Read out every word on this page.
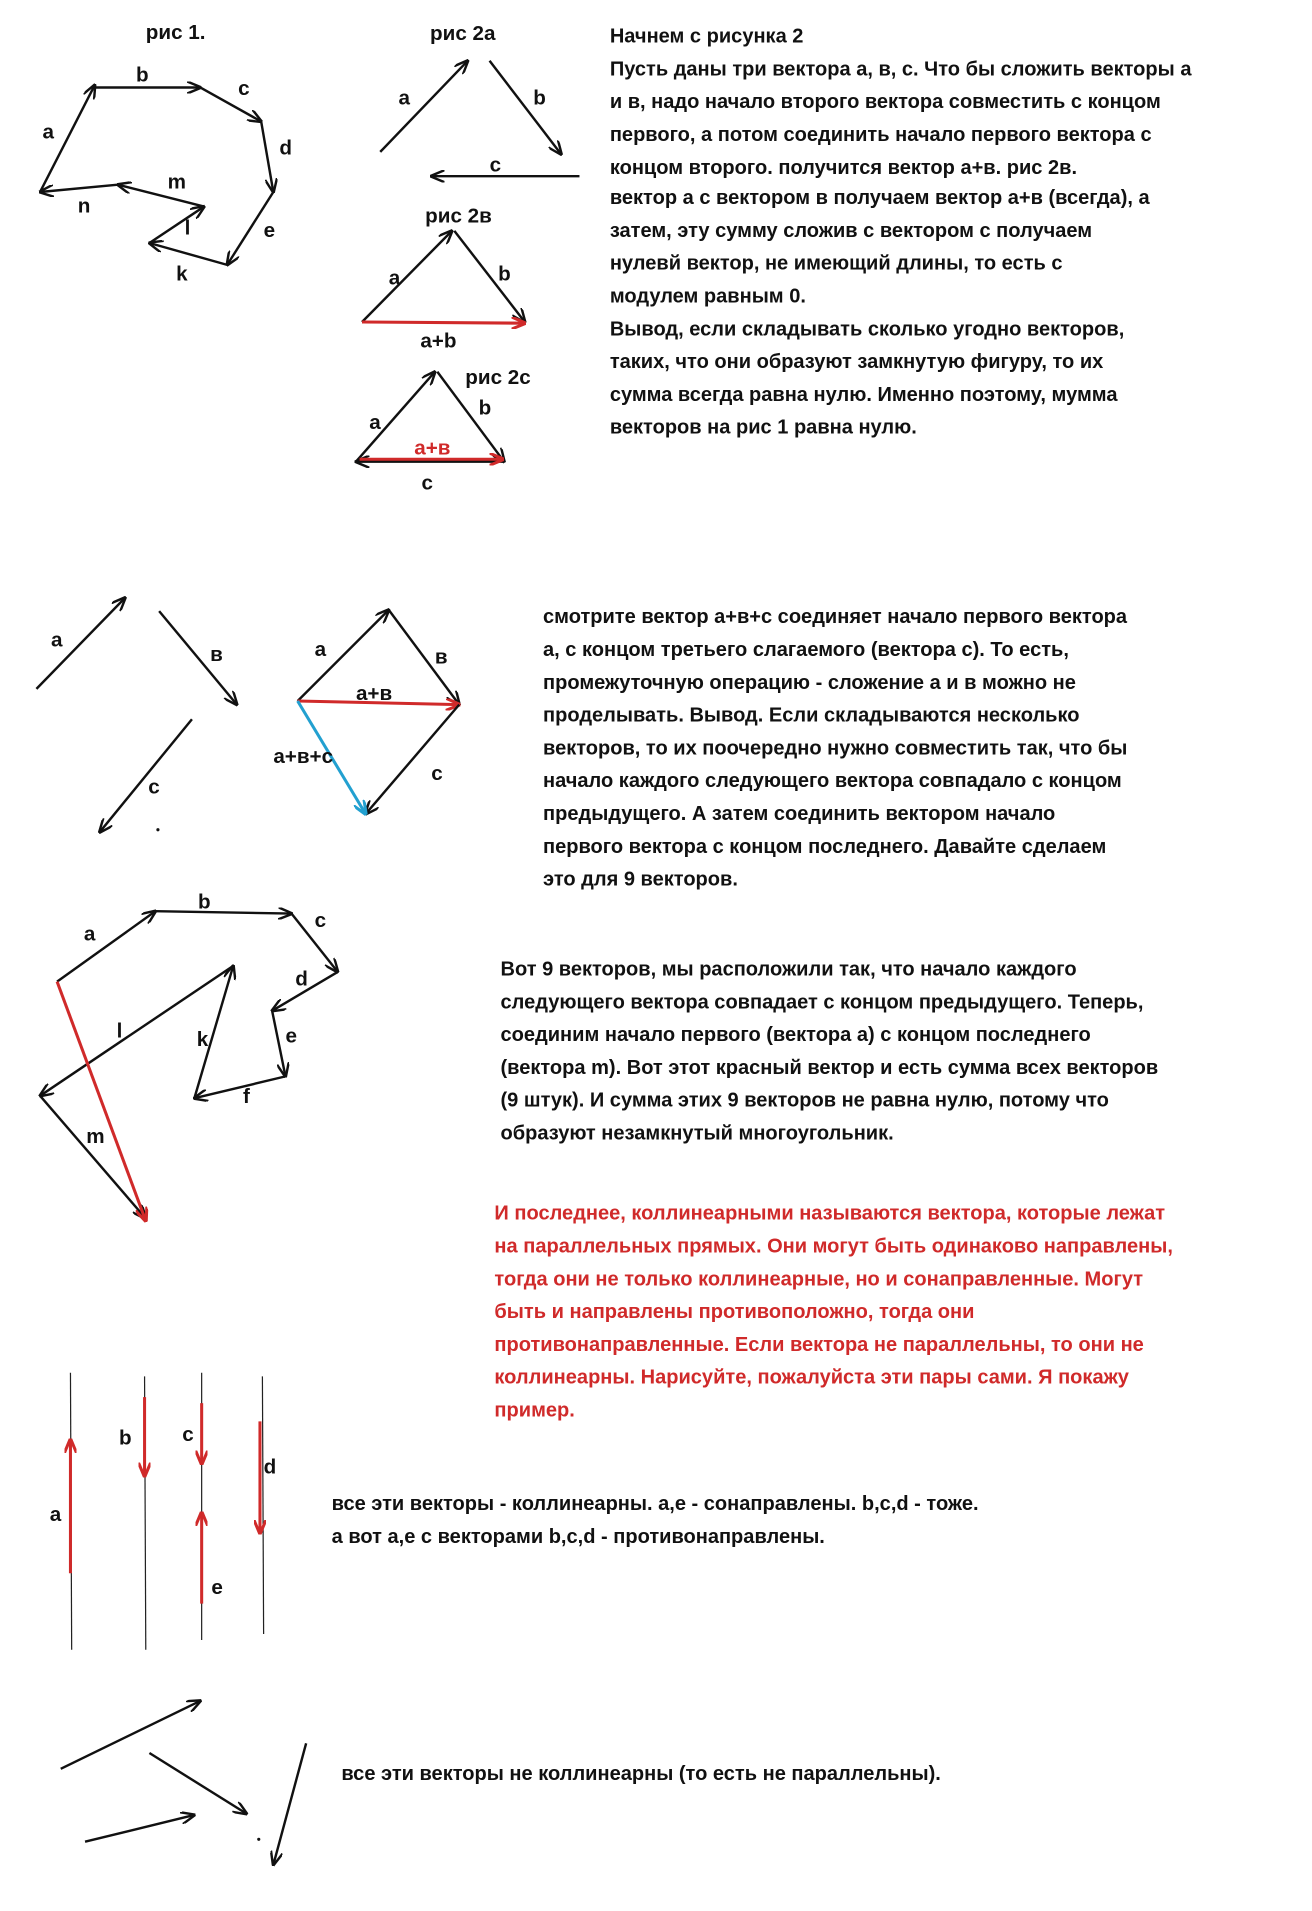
рис 1.
a
b
c
d
e
k
l
m
n
рис 2а
a	b
c
рис 2в
a	b
a+b
рис 2c
a
b
а+в
c
Начнем с рисунка 2
Пусть даны три вектора а, в, с. Что бы сложить векторы а
и в, надо начало второго вектора совместить с концом
первого, а потом соединить начало первого вектора с
концом второго. получится вектор а+в. рис 2в.
вектор а с вектором в получаем вектор а+в (всегда), а
затем, эту сумму сложив с вектором с получаем
нулевй вектор, не имеющий длины, то есть с
модулем равным 0.
Вывод, если складывать сколько угодно векторов,
таких, что они образуют замкнутую фигуру, то их
сумма всегда равна нулю. Именно поэтому, мумма
векторов на рис 1 равна нулю.
a
в
c
a	в
a+в
a+в+c
c
смотрите вектор а+в+с соединяет начало первого вектора
а, с концом третьего слагаемого (вектора с). То есть,
промежуточную операцию - сложение а и в можно не
проделывать. Вывод. Если складываются несколько
векторов, то их поочередно нужно совместить так, что бы
начало каждого следующего вектора совпадало с концом
предыдущего. А затем соединить вектором начало
первого вектора с концом последнего. Давайте сделаем
это для 9 векторов.
a
b
c
d
e
f
k
l
m
Вот 9 векторов, мы расположили так, что начало каждого
следующего вектора совпадает с концом предыдущего. Теперь,
соединим начало первого (вектора а) с концом последнего
(вектора m). Вот этот красный вектор и есть сумма всех векторов
(9 штук). И сумма этих 9 векторов не равна нулю, потому что
образуют незамкнутый многоугольник.
И последнее, коллинеарными называются вектора, которые лежат
на параллельных прямых. Они могут быть одинаково направлены,
тогда они не только коллинеарные, но и сонаправленные. Могут
быть и направлены противоположно, тогда они
противонаправленные. Если вектора не параллельны, то они не
коллинеарны. Нарисуйте, пожалуйста эти пары сами. Я покажу
пример.
a
b	c
d
e
все эти векторы - коллинеарны. а,е - сонаправлены. b,c,d - тоже.
а вот а,е с векторами b,c,d - противонаправлены.
все эти векторы не коллинеарны (то есть не параллельны).
